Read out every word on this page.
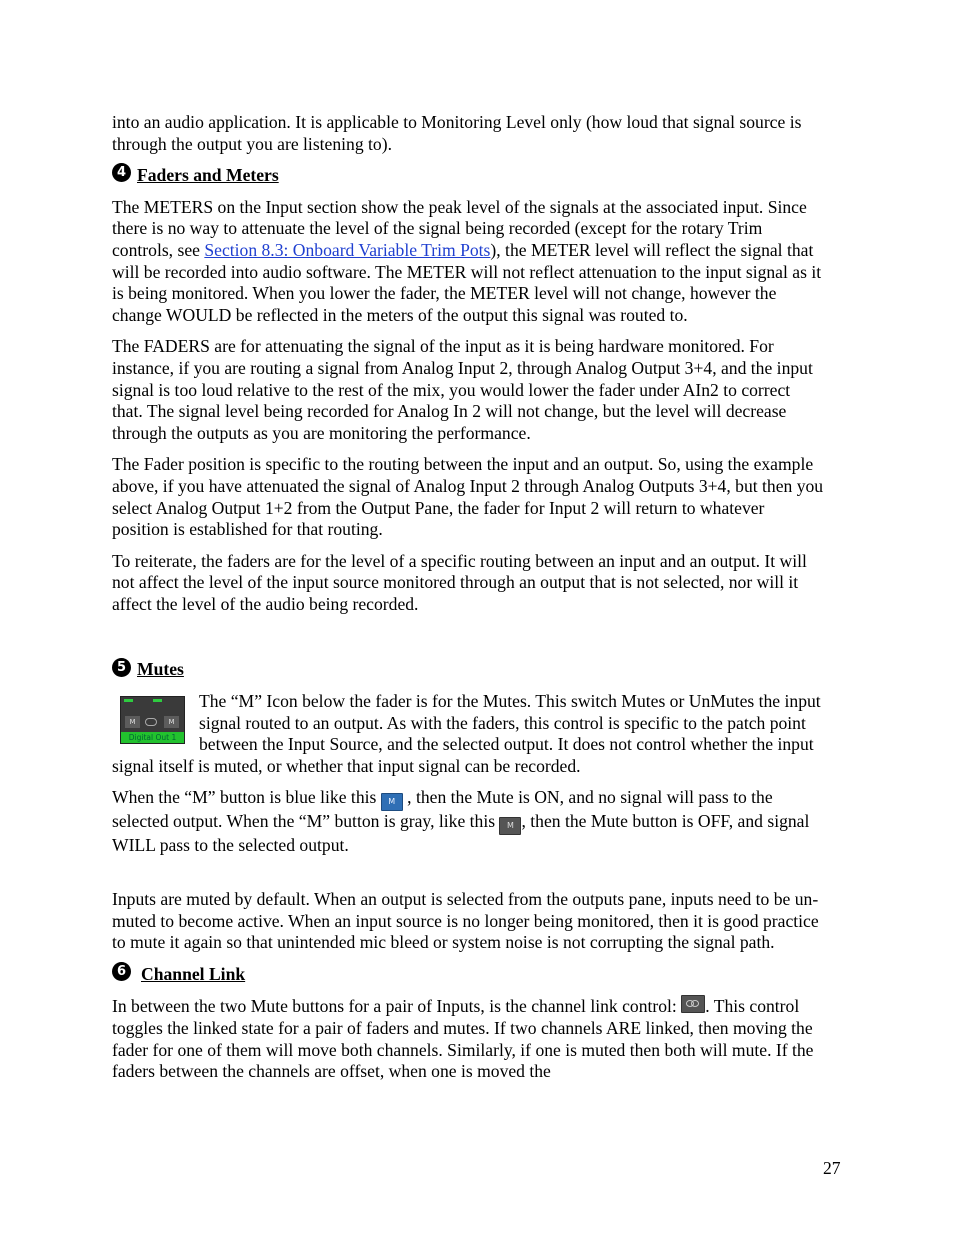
into an audio application. It is applicable to Monitoring Level only (how loud that signal source is through the output you are listening to).

4 Faders and Meters

The METERS on the Input section show the peak level of the signals at the associated input. Since there is no way to attenuate the level of the signal being recorded (except for the rotary Trim controls, see Section 8.3: Onboard Variable Trim Pots), the METER level will reflect the signal that will be recorded into audio software. The METER will not reflect attenuation to the input signal as it is being monitored. When you lower the fader, the METER level will not change, however the change WOULD be reflected in the meters of the output this signal was routed to.

The FADERS are for attenuating the signal of the input as it is being hardware monitored. For instance, if you are routing a signal from Analog Input 2, through Analog Output 3+4, and the input signal is too loud relative to the rest of the mix, you would lower the fader under AIn2 to correct that. The signal level being recorded for Analog In 2 will not change, but the level will decrease through the outputs as you are monitoring the performance.

The Fader position is specific to the routing between the input and an output. So, using the example above, if you have attenuated the signal of Analog Input 2 through Analog Outputs 3+4, but then you select Analog Output 1+2 from the Output Pane, the fader for Input 2 will return to whatever position is established for that routing.

To reiterate, the faders are for the level of a specific routing between an input and an output. It will not affect the level of the input source monitored through an output that is not selected, nor will it affect the level of the audio being recorded.

5 Mutes
M	M
Digital Out 1

The “M” Icon below the fader is for the Mutes. This switch Mutes or UnMutes the input signal routed to an output. As with the faders, this control is specific to the patch point between the Input Source, and the selected output. It does not control whether the input signal itself is muted, or whether that input signal can be recorded.

When the “M” button is blue like this M , then the Mute is ON, and no signal will pass to the selected output. When the “M” button is gray, like this M , then the Mute button is OFF, and signal WILL pass to the selected output.

Inputs are muted by default. When an output is selected from the outputs pane, inputs need to be un-muted to become active. When an input source is no longer being monitored, then it is good practice to mute it again so that unintended mic bleed or system noise is not corrupting the signal path.

6 Channel Link

In between the two Mute buttons for a pair of Inputs, is the channel link control:
. This control toggles the linked state for a pair of faders and mutes. If two channels ARE linked, then moving the fader for one of them will move both channels. Similarly, if one is muted then both will mute. If the faders between the channels are offset, when one is moved the

27
